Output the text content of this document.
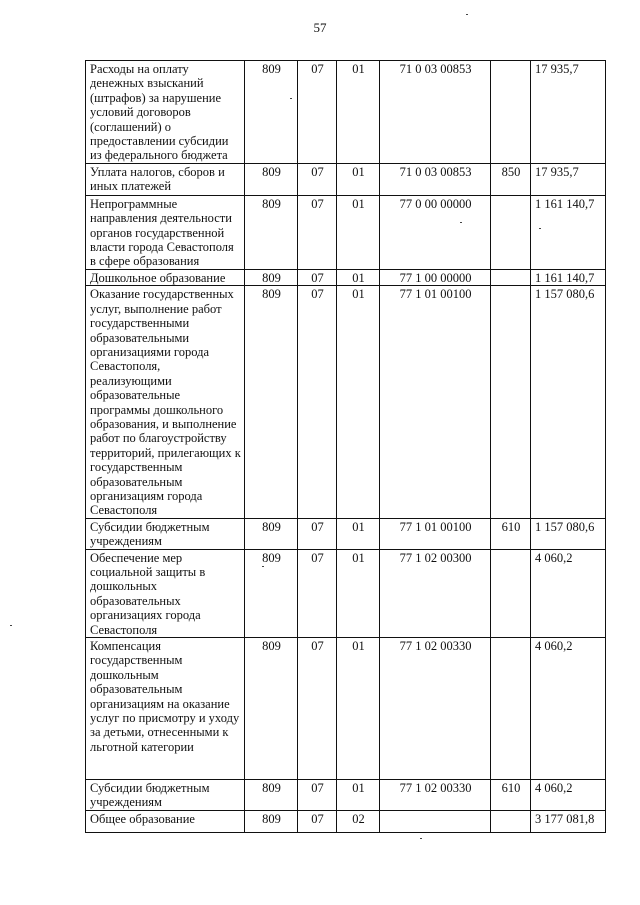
57
Расходы на оплату денежных взысканий (штрафов) за нарушение условий договоров (соглашений) о предоставлении субсидии из федерального бюджета	809	07	01	71 0 03 00853		17 935,7
Уплата налогов, сборов и иных платежей	809	07	01	71 0 03 00853	850	17 935,7
Непрограммные направления деятельности органов государственной власти города Севастополя в сфере образования	809	07	01	77 0 00 00000		1 161 140,7
Дошкольное образование	809	07	01	77 1 00 00000		1 161 140,7
Оказание государственных услуг, выполнение работ государственными образовательными организациями города Севастополя, реализующими образовательные программы дошкольного образования, и выполнение работ по благоустройству территорий, прилегающих к государственным образовательным организациям города Севастополя	809	07	01	77 1 01 00100		1 157 080,6
Субсидии бюджетным учреждениям	809	07	01	77 1 01 00100	610	1 157 080,6
Обеспечение мер социальной защиты в дошкольных образовательных организациях города Севастополя	809	07	01	77 1 02 00300		4 060,2
Компенсация государственным дошкольным образовательным организациям на оказание услуг по присмотру и уходу за детьми, отнесенными к льготной категории	809	07	01	77 1 02 00330		4 060,2
Субсидии бюджетным учреждениям	809	07	01	77 1 02 00330	610	4 060,2
Общее образование	809	07	02			3 177 081,8
